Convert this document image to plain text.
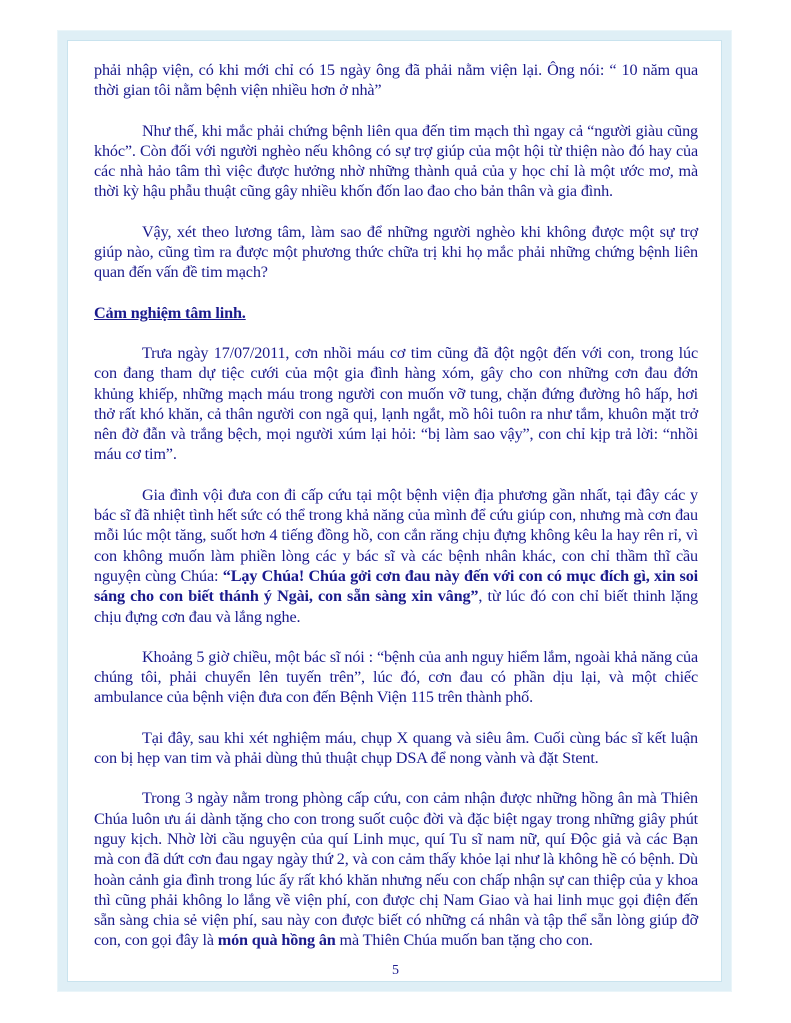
phải nhập viện, có khi mới chỉ có 15 ngày ông đã phải nằm viện lại. Ông nói: “ 10 năm qua thời gian tôi nằm bệnh viện nhiều hơn ở nhà”

Như thế, khi mắc phải chứng bệnh liên qua đến tim mạch thì ngay cả “người giàu cũng khóc”. Còn đối với người nghèo nếu không có sự trợ giúp của một hội từ thiện nào đó hay của các nhà hảo tâm thì việc được hưởng nhờ những thành quả của y học chỉ là một ước mơ, mà thời kỳ hậu phẫu thuật cũng gây nhiều khốn đốn lao đao cho bản thân và gia đình.

Vậy, xét theo lương tâm, làm sao để những người nghèo khi không được một sự trợ giúp nào, cũng tìm ra được một phương thức chữa trị khi họ mắc phải những chứng bệnh liên quan đến vấn đề tim mạch?

Cảm nghiệm tâm linh.

Trưa ngày 17/07/2011, cơn nhồi máu cơ tim cũng đã đột ngột đến với con, trong lúc con đang tham dự tiệc cưới của một gia đình hàng xóm, gây cho con những cơn đau đớn khủng khiếp, những mạch máu trong người con muốn vỡ tung, chặn đứng đường hô hấp, hơi thở rất khó khăn, cả thân người con ngã quị, lạnh ngắt, mồ hôi tuôn ra như tắm, khuôn mặt trở nên đờ đẫn và trắng bệch, mọi người xúm lại hỏi: “bị làm sao vậy”, con chỉ kịp trả lời: “nhồi máu cơ tim”.

Gia đình vội đưa con đi cấp cứu tại một bệnh viện địa phương gần nhất, tại đây các y bác sĩ đã nhiệt tình hết sức có thể trong khả năng của mình để cứu giúp con, nhưng mà cơn đau mỗi lúc một tăng, suốt hơn 4 tiếng đồng hồ, con cắn răng chịu đựng không kêu la hay rên rỉ, vì con không muốn làm phiền lòng các y bác sĩ và các bệnh nhân khác, con chỉ thầm thĩ cầu nguyện cùng Chúa: “Lạy Chúa! Chúa gởi cơn đau này đến với con có mục đích gì, xin soi sáng cho con biết thánh ý Ngài, con sẵn sàng xin vâng”, từ lúc đó con chỉ biết thinh lặng chịu đựng cơn đau và lắng nghe.

Khoảng 5 giờ chiều, một bác sĩ nói : “bệnh của anh nguy hiểm lắm, ngoài khả năng của chúng tôi, phải chuyển lên tuyến trên”, lúc đó, cơn đau có phần dịu lại, và một chiếc ambulance của bệnh viện đưa con đến Bệnh Viện 115 trên thành phố.

Tại đây, sau khi xét nghiệm máu, chụp X quang và siêu âm. Cuối cùng bác sĩ kết luận con bị hẹp van tim và phải dùng thủ thuật chụp DSA để nong vành và đặt Stent.

Trong 3 ngày nằm trong phòng cấp cứu, con cảm nhận được những hồng ân mà Thiên Chúa luôn ưu ái dành tặng cho con trong suốt cuộc đời và đặc biệt ngay trong những giây phút nguy kịch. Nhờ lời cầu nguyện của quí Linh mục, quí Tu sĩ nam nữ, quí Độc giả và các Bạn mà con đã dứt cơn đau ngay ngày thứ 2, và con cảm thấy khỏe lại như là không hề có bệnh. Dù hoàn cảnh gia đình trong lúc ấy rất khó khăn nhưng nếu con chấp nhận sự can thiệp của y khoa thì cũng phải không lo lắng về viện phí, con được chị Nam Giao và hai linh mục gọi điện đến sẵn sàng chia sẻ viện phí, sau này con được biết có những cá nhân và tập thể sẵn lòng giúp đỡ con, con gọi đây là món quà hồng ân mà Thiên Chúa muốn ban tặng cho con.

5
